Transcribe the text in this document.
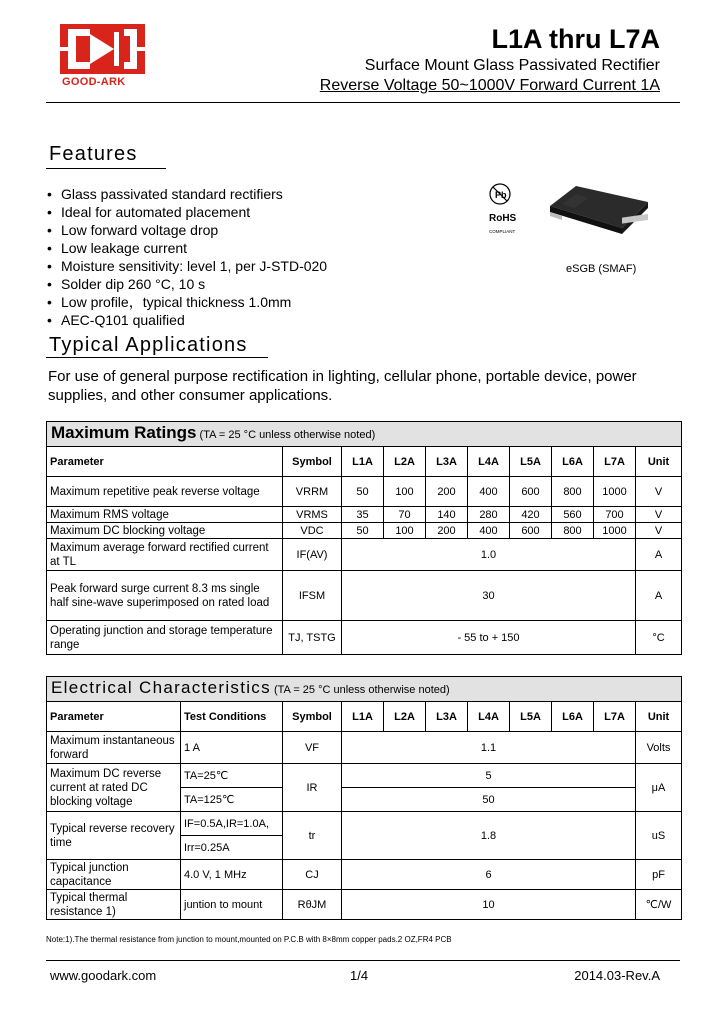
GOOD-ARK
L1A thru L7A
Surface Mount Glass Passivated Rectifier
Reverse Voltage 50~1000V Forward Current 1A
Features
• Glass passivated standard rectifiers
• Ideal for automated placement
• Low forward voltage drop
• Low leakage current
• Moisture sensitivity: level 1, per J-STD-020
• Solder dip 260 °C, 10 s
• Low profile，typical thickness 1.0mm
• AEC-Q101 qualified
Pb
RoHS
COMPLIANT
eSGB (SMAF)
Typical Applications
For use of general purpose rectification in lighting, cellular phone, portable device, power supplies, and other consumer applications.
Maximum Ratings (TA = 25 °C unless otherwise noted)									
Parameter	Symbol	L1A	L2A	L3A	L4A	L5A	L6A	L7A	Unit
Maximum repetitive peak reverse voltage	VRRM	50	100	200	400	600	800	1000	V
Maximum RMS voltage	VRMS	35	70	140	280	420	560	700	V
Maximum DC blocking voltage	VDC	50	100	200	400	600	800	1000	V
Maximum average forward rectified current at TL	IF(AV)	1.0							A
Peak forward surge current 8.3 ms single half sine-wave superimposed on rated load	IFSM	30							A
Operating junction and storage temperature range	TJ, TSTG	- 55 to + 150							°C
Electrical Characteristics (TA = 25 °C unless otherwise noted)										
Parameter	Test Conditions	Symbol	L1A	L2A	L3A	L4A	L5A	L6A	L7A	Unit
Maximum instantaneous forward	1 A	VF	1.1							Volts
Maximum DC reverse current at rated DC blocking voltage	TA=25℃	IR	5							μA
	TA=125℃		50							
Typical reverse recovery time	IF=0.5A,IR=1.0A,	tr	1.8							uS
	Irr=0.25A									
Typical junction capacitance	4.0 V, 1 MHz	CJ	6							pF
Typical thermal resistance 1)	juntion to mount	RθJM	10							℃/W
Note:1).The thermal resistance from junction to mount,mounted on P.C.B with 8×8mm copper pads.2 OZ,FR4 PCB
www.goodark.com	1/4	2014.03-Rev.A
